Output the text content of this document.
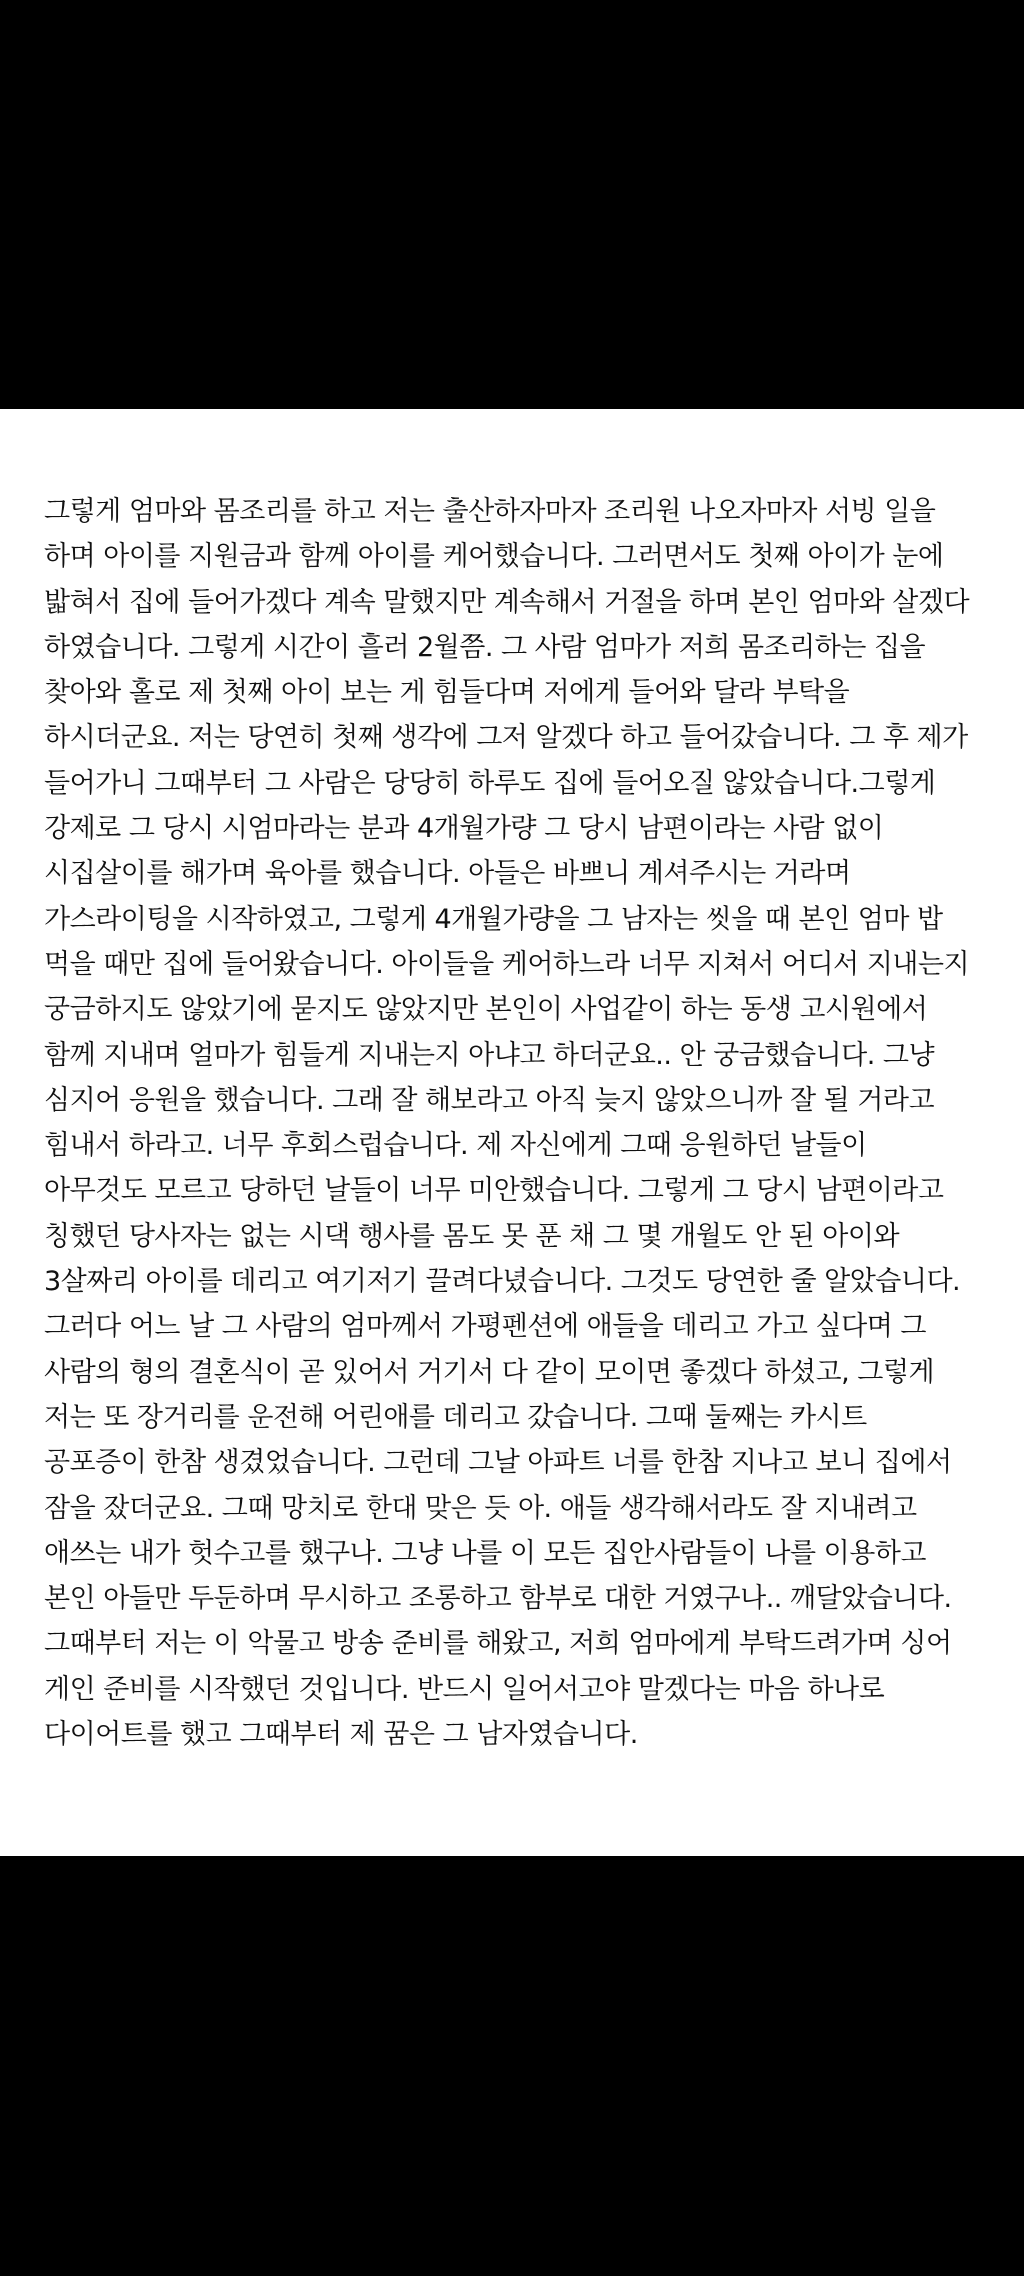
그렇게 엄마와 몸조리를 하고 저는 출산하자마자 조리원 나오자마자 서빙 일을
하며 아이를 지원금과 함께 아이를 케어했습니다. 그러면서도 첫째 아이가 눈에
밟혀서 집에 들어가겠다 계속 말했지만 계속해서 거절을 하며 본인 엄마와 살겠다
하였습니다. 그렇게 시간이 흘러 2월쯤. 그 사람 엄마가 저희 몸조리하는 집을
찾아와 홀로 제 첫째 아이 보는 게 힘들다며 저에게 들어와 달라 부탁을
하시더군요. 저는 당연히 첫째 생각에 그저 알겠다 하고 들어갔습니다. 그 후 제가
들어가니 그때부터 그 사람은 당당히 하루도 집에 들어오질 않았습니다.그렇게
강제로 그 당시 시엄마라는 분과 4개월가량 그 당시 남편이라는 사람 없이
시집살이를 해가며 육아를 했습니다. 아들은 바쁘니 계셔주시는 거라며
가스라이팅을 시작하였고, 그렇게 4개월가량을 그 남자는 씻을 때 본인 엄마 밥
먹을 때만 집에 들어왔습니다. 아이들을 케어하느라 너무 지쳐서 어디서 지내는지
궁금하지도 않았기에 묻지도 않았지만 본인이 사업같이 하는 동생 고시원에서
함께 지내며 얼마가 힘들게 지내는지 아냐고 하더군요.. 안 궁금했습니다. 그냥
심지어 응원을 했습니다. 그래 잘 해보라고 아직 늦지 않았으니까 잘 될 거라고
힘내서 하라고. 너무 후회스럽습니다. 제 자신에게 그때 응원하던 날들이
아무것도 모르고 당하던 날들이 너무 미안했습니다. 그렇게 그 당시 남편이라고
칭했던 당사자는 없는 시댁 행사를 몸도 못 푼 채 그 몇 개월도 안 된 아이와
3살짜리 아이를 데리고 여기저기 끌려다녔습니다. 그것도 당연한 줄 알았습니다.
그러다 어느 날 그 사람의 엄마께서 가평펜션에 애들을 데리고 가고 싶다며 그
사람의 형의 결혼식이 곧 있어서 거기서 다 같이 모이면 좋겠다 하셨고, 그렇게
저는 또 장거리를 운전해 어린애를 데리고 갔습니다. 그때 둘째는 카시트
공포증이 한참 생겼었습니다. 그런데 그날 아파트 너를 한참 지나고 보니 집에서
잠을 잤더군요. 그때 망치로 한대 맞은 듯 아. 애들 생각해서라도 잘 지내려고
애쓰는 내가 헛수고를 했구나. 그냥 나를 이 모든 집안사람들이 나를 이용하고
본인 아들만 두둔하며 무시하고 조롱하고 함부로 대한 거였구나.. 깨달았습니다.
그때부터 저는 이 악물고 방송 준비를 해왔고, 저희 엄마에게 부탁드려가며 싱어
게인 준비를 시작했던 것입니다. 반드시 일어서고야 말겠다는 마음 하나로
다이어트를 했고 그때부터 제 꿈은 그 남자였습니다.
